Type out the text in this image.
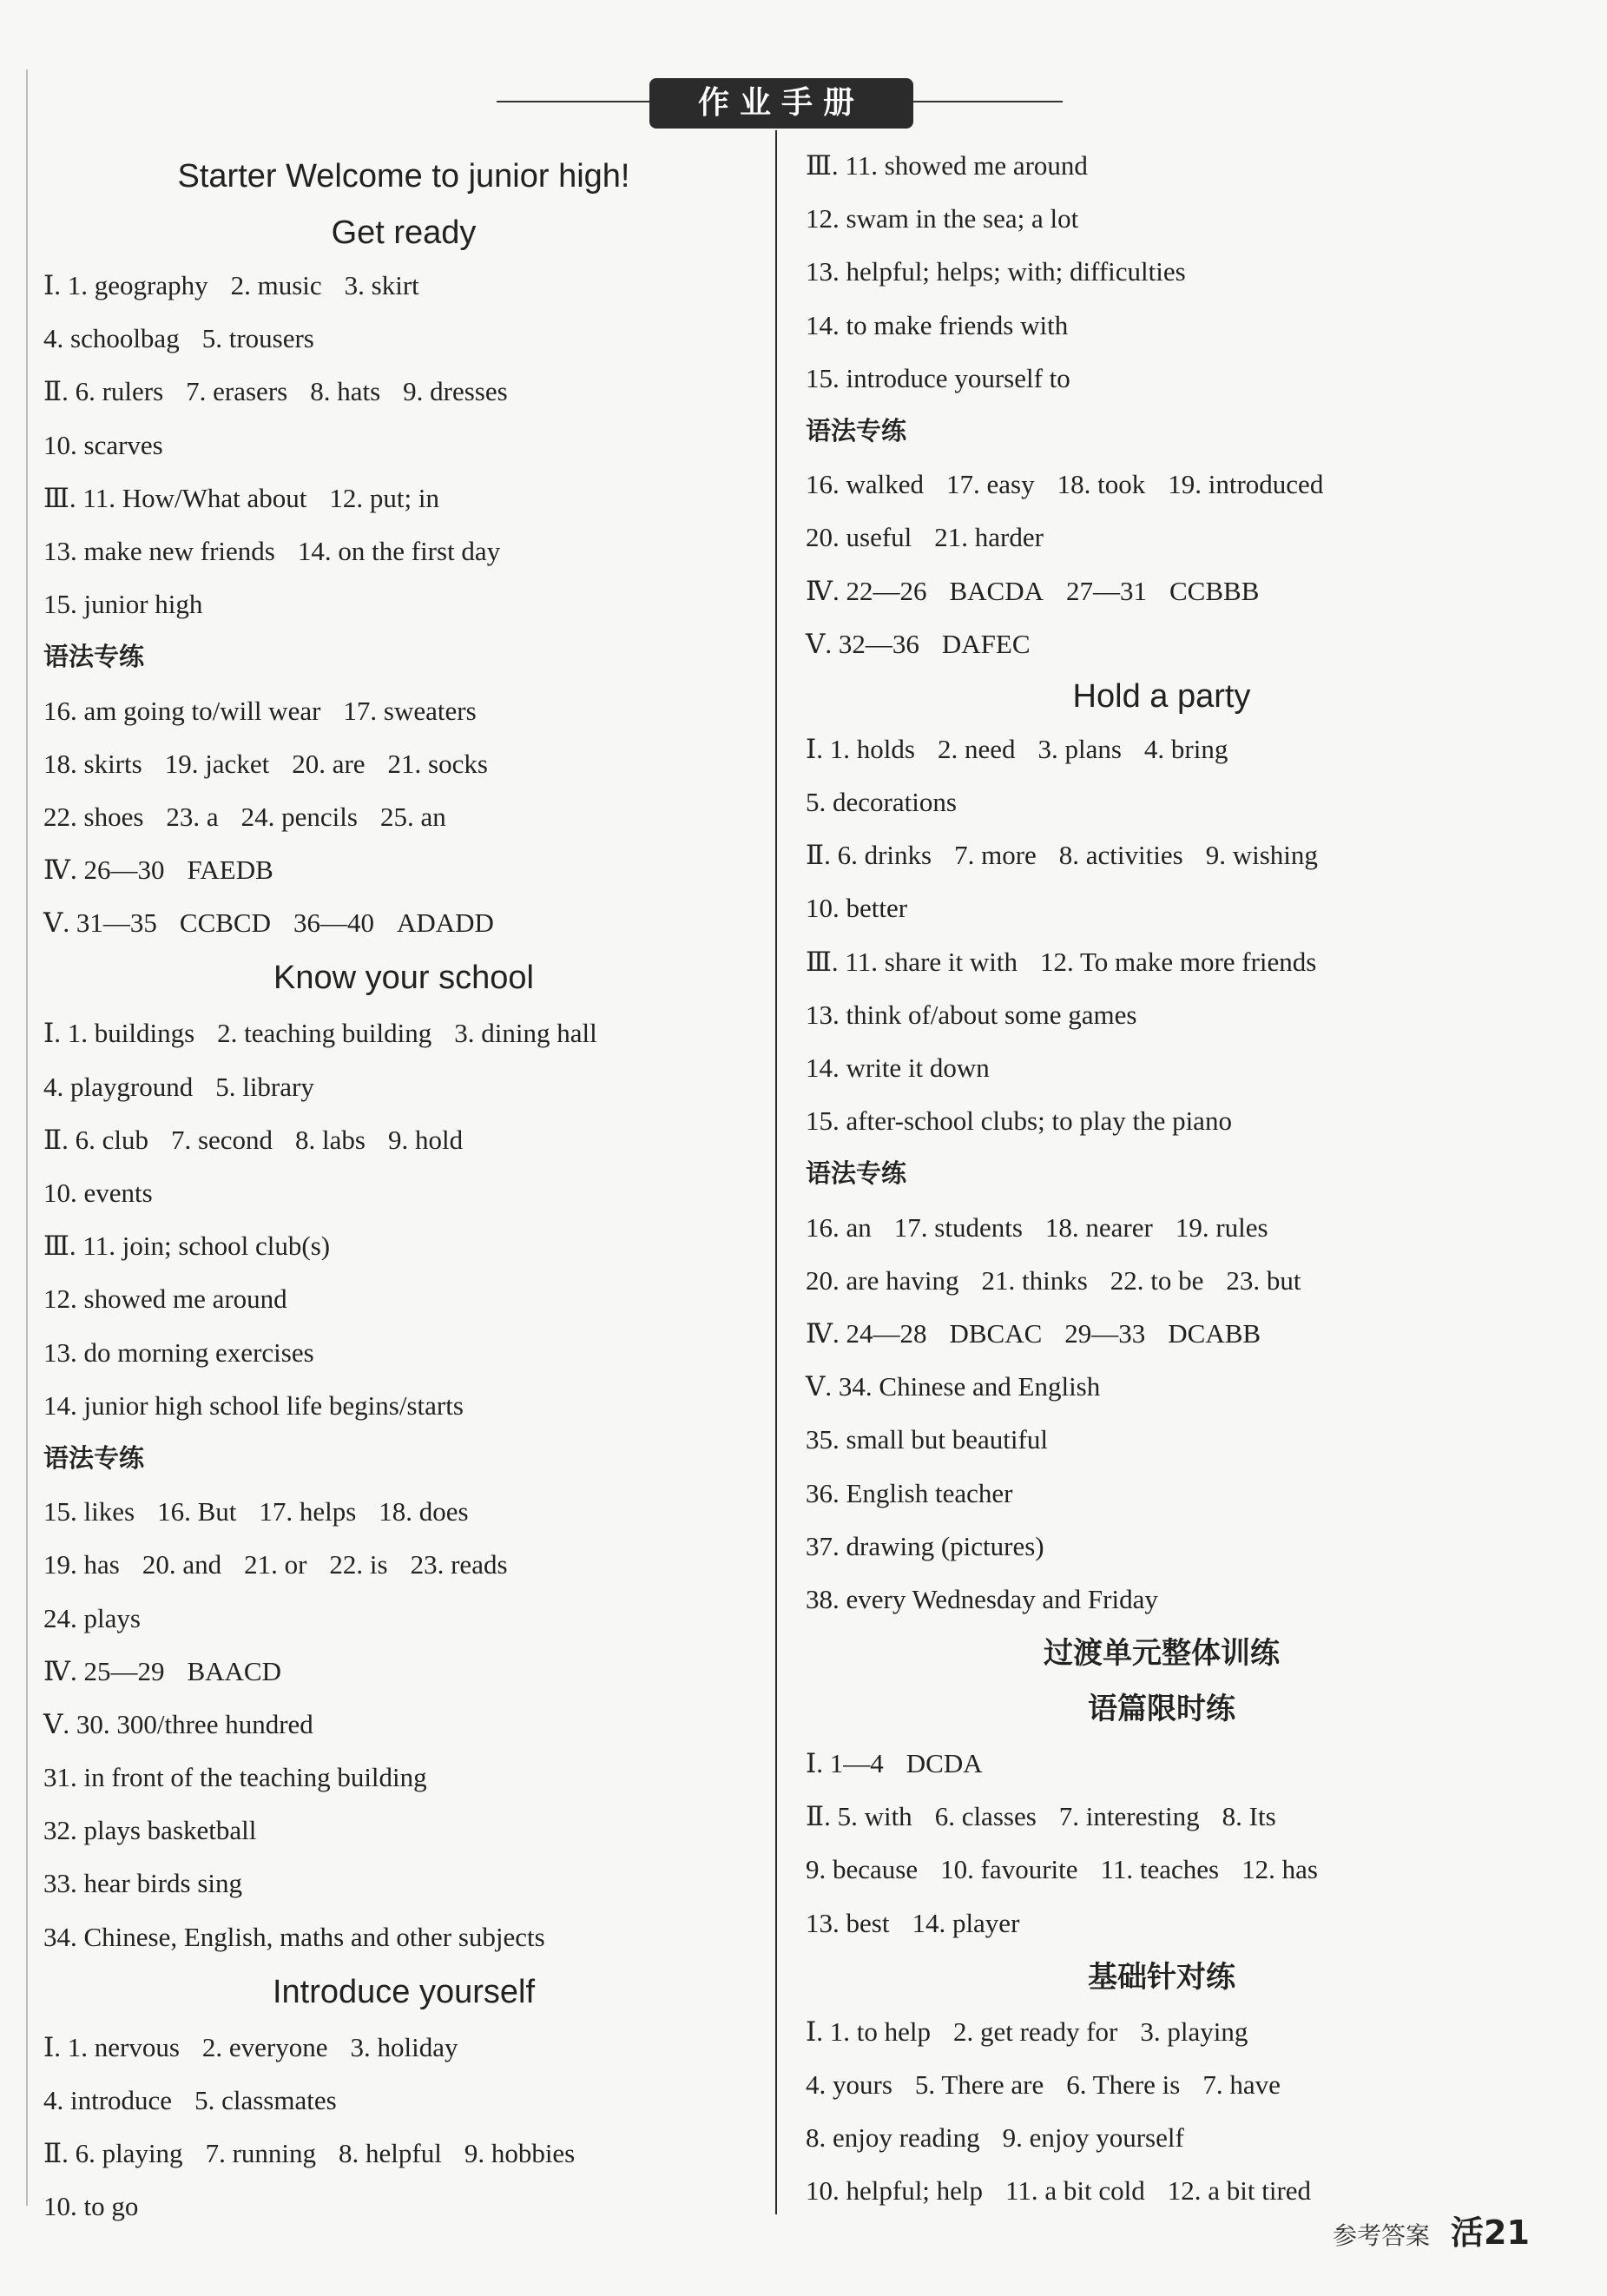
作业手册
Starter Welcome to junior high!
Get ready
Ⅰ. 1. geography 2. music 3. skirt
4. schoolbag 5. trousers
Ⅱ. 6. rulers 7. erasers 8. hats 9. dresses
10. scarves
Ⅲ. 11. How/What about 12. put; in
13. make new friends 14. on the first day
15. junior high
语法专练
16. am going to/will wear 17. sweaters
18. skirts 19. jacket 20. are 21. socks
22. shoes 23. a 24. pencils 25. an
Ⅳ. 26—30 FAEDB
Ⅴ. 31—35 CCBCD 36—40 ADADD
Know your school
Ⅰ. 1. buildings 2. teaching building 3. dining hall
4. playground 5. library
Ⅱ. 6. club 7. second 8. labs 9. hold
10. events
Ⅲ. 11. join; school club(s)
12. showed me around
13. do morning exercises
14. junior high school life begins/starts
语法专练
15. likes 16. But 17. helps 18. does
19. has 20. and 21. or 22. is 23. reads
24. plays
Ⅳ. 25—29 BAACD
Ⅴ. 30. 300/three hundred
31. in front of the teaching building
32. plays basketball
33. hear birds sing
34. Chinese, English, maths and other subjects
Introduce yourself
Ⅰ. 1. nervous 2. everyone 3. holiday
4. introduce 5. classmates
Ⅱ. 6. playing 7. running 8. helpful 9. hobbies
10. to go
Ⅲ. 11. showed me around
12. swam in the sea; a lot
13. helpful; helps; with; difficulties
14. to make friends with
15. introduce yourself to
语法专练
16. walked 17. easy 18. took 19. introduced
20. useful 21. harder
Ⅳ. 22—26 BACDA 27—31 CCBBB
Ⅴ. 32—36 DAFEC
Hold a party
Ⅰ. 1. holds 2. need 3. plans 4. bring
5. decorations
Ⅱ. 6. drinks 7. more 8. activities 9. wishing
10. better
Ⅲ. 11. share it with 12. To make more friends
13. think of/about some games
14. write it down
15. after-school clubs; to play the piano
语法专练
16. an 17. students 18. nearer 19. rules
20. are having 21. thinks 22. to be 23. but
Ⅳ. 24—28 DBCAC 29—33 DCABB
Ⅴ. 34. Chinese and English
35. small but beautiful
36. English teacher
37. drawing (pictures)
38. every Wednesday and Friday
过渡单元整体训练
语篇限时练
Ⅰ. 1—4 DCDA
Ⅱ. 5. with 6. classes 7. interesting 8. Its
9. because 10. favourite 11. teaches 12. has
13. best 14. player
基础针对练
Ⅰ. 1. to help 2. get ready for 3. playing
4. yours 5. There are 6. There is 7. have
8. enjoy reading 9. enjoy yourself
10. helpful; help 11. a bit cold 12. a bit tired
参考答案 活21
